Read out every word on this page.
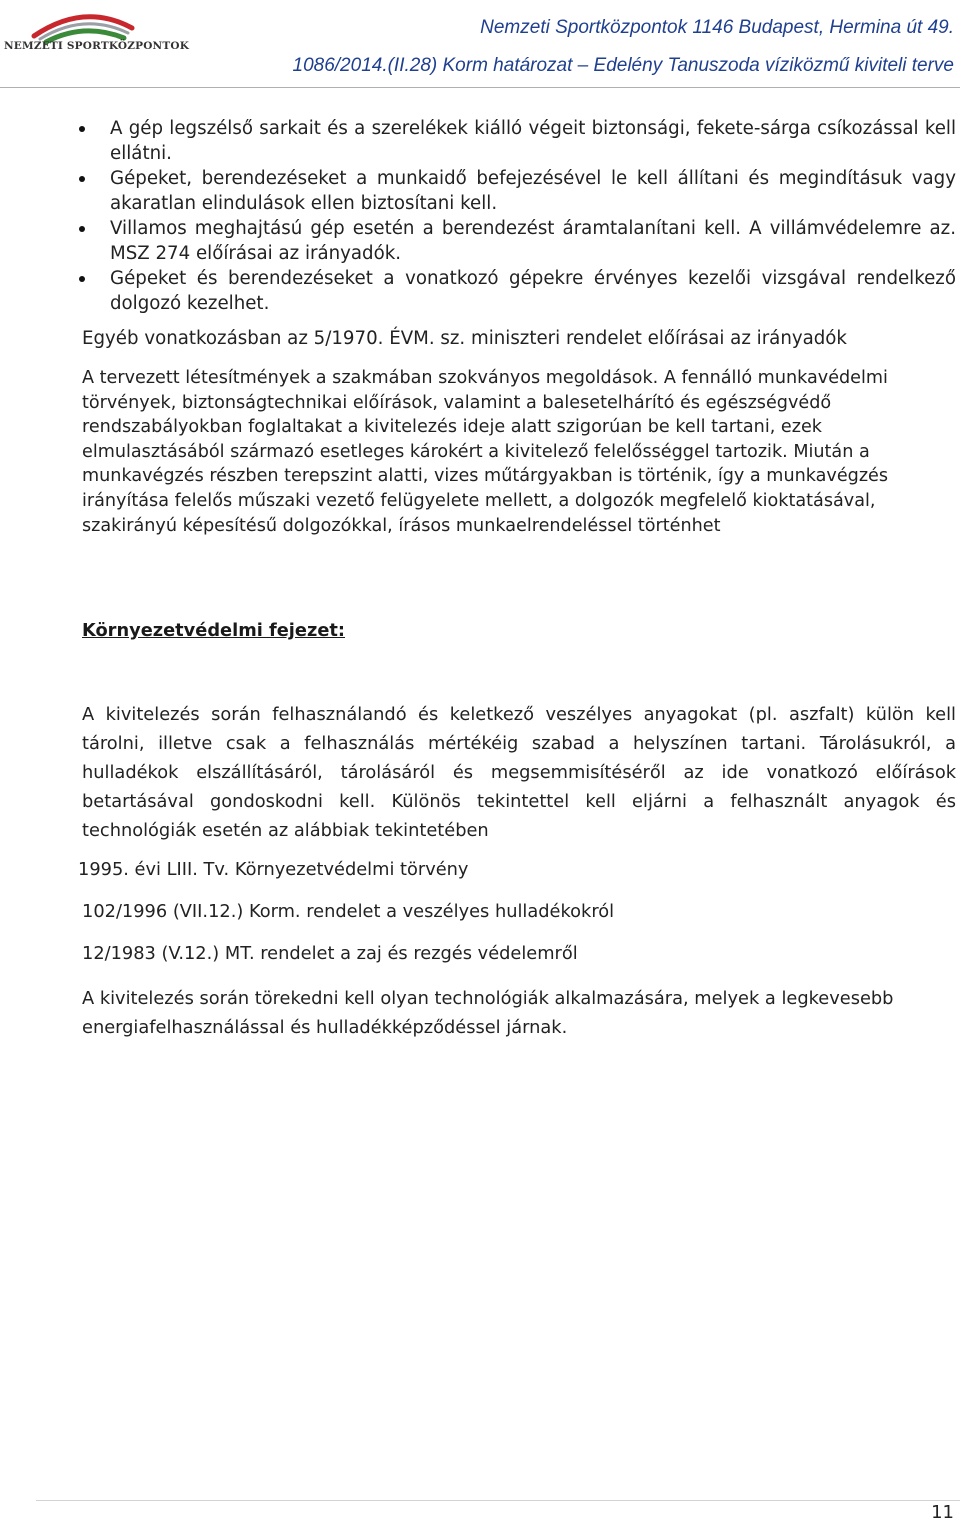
NEMZETI SPORTKÖZPONTOK
Nemzeti Sportközpontok 1146 Budapest, Hermina út 49.
1086/2014.(II.28) Korm határozat – Edelény Tanuszoda víziközmű kiviteli terve
A gép legszélső sarkait és a szerelékek kiálló végeit biztonsági, fekete-sárga csíkozással kell ellátni.
Gépeket, berendezéseket a munkaidő befejezésével le kell állítani és megindításuk vagy akaratlan elindulások ellen biztosítani kell.
Villamos meghajtású gép esetén a berendezést áramtalanítani kell. A villámvédelemre az. MSZ 274 előírásai az irányadók.
Gépeket és berendezéseket a vonatkozó gépekre érvényes kezelői vizsgával rendelkező dolgozó kezelhet.

Egyéb vonatkozásban az 5/1970. ÉVM. sz. miniszteri rendelet előírásai az irányadók

A tervezett létesítmények a szakmában szokványos megoldások. A fennálló munkavédelmi törvények, biztonságtechnikai előírások, valamint a balesetelhárító és egészségvédő rendszabályokban foglaltakat a kivitelezés ideje alatt szigorúan be kell tartani, ezek elmulasztásából származó esetleges károkért a kivitelező felelősséggel tartozik. Miután a munkavégzés részben terepszint alatti, vizes műtárgyakban is történik, így a munkavégzés irányítása felelős műszaki vezető felügyelete mellett, a dolgozók megfelelő kioktatásával, szakirányú képesítésű dolgozókkal, írásos munkaelrendeléssel történhet

Környezetvédelmi fejezet:

A kivitelezés során felhasználandó és keletkező veszélyes anyagokat (pl. aszfalt) külön kell tárolni, illetve csak a felhasználás mértékéig szabad a helyszínen tartani. Tárolásukról, a hulladékok elszállításáról, tárolásáról és megsemmisítéséről az ide vonatkozó előírások betartásával gondoskodni kell. Különös tekintettel kell eljárni a felhasznált anyagok és technológiák esetén az alábbiak tekintetében

1995. évi LIII. Tv. Környezetvédelmi törvény

102/1996 (VII.12.) Korm. rendelet a veszélyes hulladékokról

12/1983 (V.12.) MT. rendelet a zaj és rezgés védelemről

A kivitelezés során törekedni kell olyan technológiák alkalmazására, melyek a legkevesebb energiafelhasználással és hulladékképződéssel járnak.

11
